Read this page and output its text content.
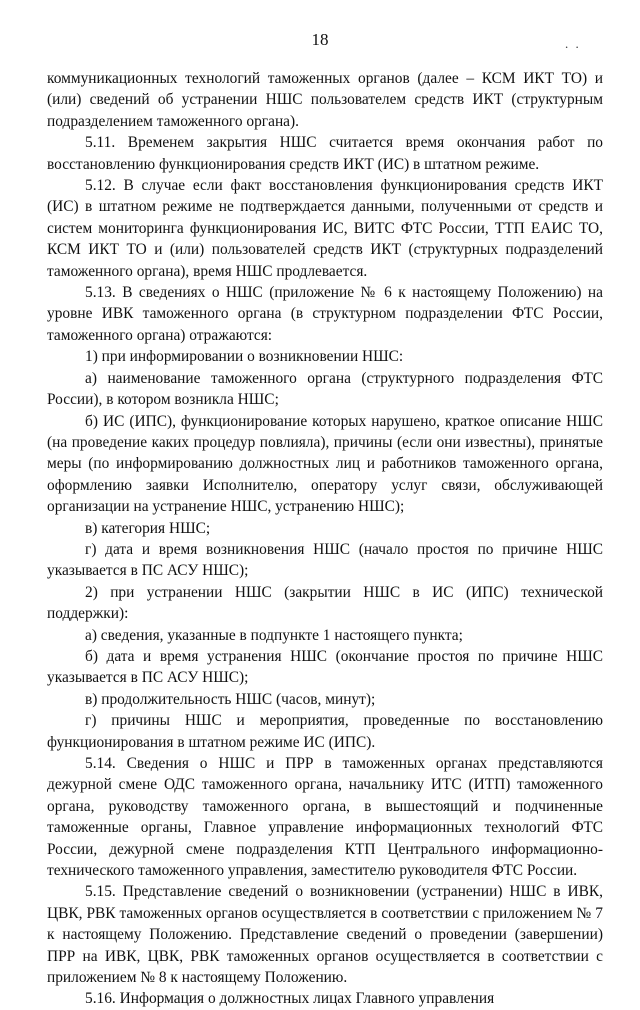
18	. .

коммуникационных технологий таможенных органов (далее – КСМ ИКТ ТО) и (или) сведений об устранении НШС пользователем средств ИКТ (структурным подразделением таможенного органа).

5.11. Временем закрытия НШС считается время окончания работ по восстановлению функционирования средств ИКТ (ИС) в штатном режиме.

5.12. В случае если факт восстановления функционирования средств ИКТ (ИС) в штатном режиме не подтверждается данными, полученными от средств и систем мониторинга функционирования ИС, ВИТС ФТС России, ТТП ЕАИС ТО, КСМ ИКТ ТО и (или) пользователей средств ИКТ (структурных подразделений таможенного органа), время НШС продлевается.

5.13. В сведениях о НШС (приложение № 6 к настоящему Положению) на уровне ИВК таможенного органа (в структурном подразделении ФТС России, таможенного органа) отражаются:

1) при информировании о возникновении НШС:

а) наименование таможенного органа (структурного подразделения ФТС России), в котором возникла НШС;

б) ИС (ИПС), функционирование которых нарушено, краткое описание НШС (на проведение каких процедур повлияла), причины (если они известны), принятые меры (по информированию должностных лиц и работников таможенного органа, оформлению заявки Исполнителю, оператору услуг связи, обслуживающей организации на устранение НШС, устранению НШС);

в) категория НШС;

г) дата и время возникновения НШС (начало простоя по причине НШС указывается в ПС АСУ НШС);

2) при устранении НШС (закрытии НШС в ИС (ИПС) технической поддержки):

а) сведения, указанные в подпункте 1 настоящего пункта;

б) дата и время устранения НШС (окончание простоя по причине НШС указывается в ПС АСУ НШС);

в) продолжительность НШС (часов, минут);

г) причины НШС и мероприятия, проведенные по восстановлению функционирования в штатном режиме ИС (ИПС).

5.14. Сведения о НШС и ПРР в таможенных органах представляются дежурной смене ОДС таможенного органа, начальнику ИТС (ИТП) таможенного органа, руководству таможенного органа, в вышестоящий и подчиненные таможенные органы, Главное управление информационных технологий ФТС России, дежурной смене подразделения КТП Центрального информационно-технического таможенного управления, заместителю руководителя ФТС России.

5.15. Представление сведений о возникновении (устранении) НШС в ИВК, ЦВК, РВК таможенных органов осуществляется в соответствии с приложением № 7 к настоящему Положению. Представление сведений о проведении (завершении) ПРР на ИВК, ЦВК, РВК таможенных органов осуществляется в соответствии с приложением № 8 к настоящему Положению.

5.16. Информация о должностных лицах Главного управления
